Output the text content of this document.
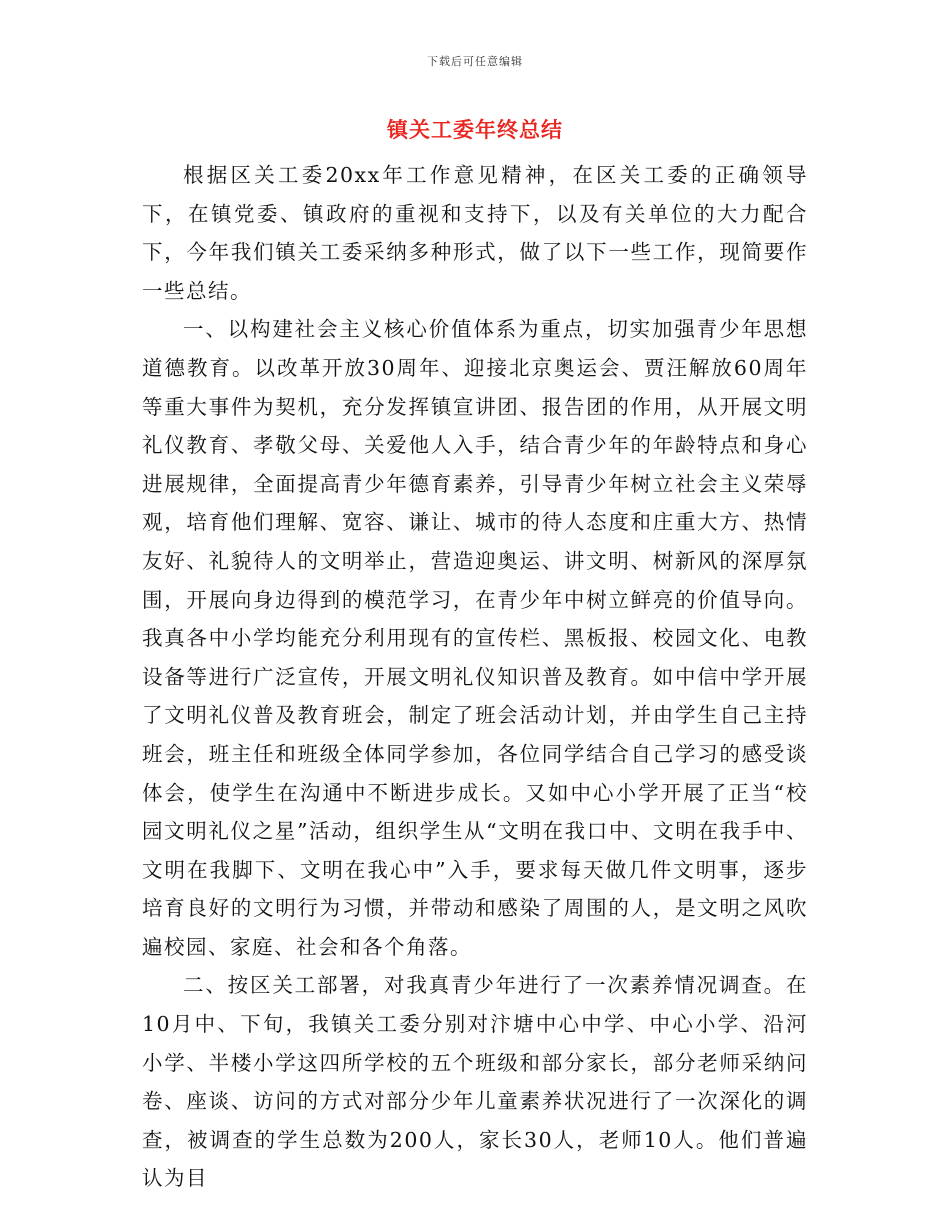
下载后可任意编辑
镇关工委年终总结

根据区关工委20xx年工作意见精神，在区关工委的正确领导下，在镇党委、镇政府的重视和支持下，以及有关单位的大力配合下，今年我们镇关工委采纳多种形式，做了以下一些工作，现简要作一些总结。

一、以构建社会主义核心价值体系为重点，切实加强青少年思想道德教育。以改革开放30周年、迎接北京奥运会、贾汪解放60周年等重大事件为契机，充分发挥镇宣讲团、报告团的作用，从开展文明礼仪教育、孝敬父母、关爱他人入手，结合青少年的年龄特点和身心进展规律，全面提高青少年德育素养，引导青少年树立社会主义荣辱观，培育他们理解、宽容、谦让、城市的待人态度和庄重大方、热情友好、礼貌待人的文明举止，营造迎奥运、讲文明、树新风的深厚氛围，开展向身边得到的模范学习，在青少年中树立鲜亮的价值导向。我真各中小学均能充分利用现有的宣传栏、黑板报、校园文化、电教设备等进行广泛宣传，开展文明礼仪知识普及教育。如中信中学开展了文明礼仪普及教育班会，制定了班会活动计划，并由学生自己主持班会，班主任和班级全体同学参加，各位同学结合自己学习的感受谈体会，使学生在沟通中不断进步成长。又如中心小学开展了正当“校园文明礼仪之星”活动，组织学生从“文明在我口中、文明在我手中、文明在我脚下、文明在我心中”入手，要求每天做几件文明事，逐步培育良好的文明行为习惯，并带动和感染了周围的人，是文明之风吹遍校园、家庭、社会和各个角落。

二、按区关工部署，对我真青少年进行了一次素养情况调查。在10月中、下旬，我镇关工委分别对汴塘中心中学、中心小学、沿河小学、半楼小学这四所学校的五个班级和部分家长，部分老师采纳问卷、座谈、访问的方式对部分少年儿童素养状况进行了一次深化的调查，被调查的学生总数为200人，家长30人，老师10人。他们普遍认为目
